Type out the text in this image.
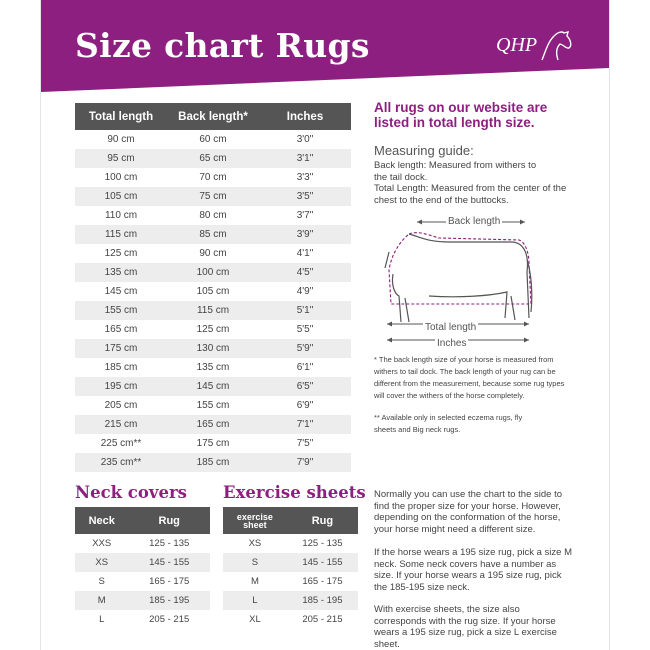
Size chart Rugs	QHP
Total length	Back length*	Inches
90 cm	60 cm	3'0"
95 cm	65 cm	3'1"
100 cm	70 cm	3'3"
105 cm	75 cm	3'5"
110 cm	80 cm	3'7"
115 cm	85 cm	3'9"
125 cm	90 cm	4'1"
135 cm	100 cm	4'5"
145 cm	105 cm	4'9"
155 cm	115 cm	5'1"
165 cm	125 cm	5'5"
175 cm	130 cm	5'9"
185 cm	135 cm	6'1"
195 cm	145 cm	6'5"
205 cm	155 cm	6'9"
215 cm	165 cm	7'1"
225 cm**	175 cm	7'5"
235 cm**	185 cm	7'9"
All rugs on our website are listed in total length size.
Measuring guide:
Back length: Measured from withers to the tail dock.
Total Length: Measured from the center of the chest to the end of the buttocks.
Back length
Total length
Inches
* The back length size of your horse is measured from withers to tail dock. The back length of your rug can be different from the measurement, because some rug types will cover the withers of the horse completely.
** Available only in selected eczema rugs, fly sheets and Big neck rugs.
Neck covers Exercise sheets
Neck	Rug
XXS	125 - 135
XS	145 - 155
S	165 - 175
M	185 - 195
L	205 - 215
exercise
sheet	Rug
XS	125 - 135
S	145 - 155
M	165 - 175
L	185 - 195
XL	205 - 215
Normally you can use the chart to the side to find the proper size for your horse. However, depending on the conformation of the horse, your horse might need a different size.
If the horse wears a 195 size rug, pick a size M neck. Some neck covers have a number as size. If your horse wears a 195 size rug, pick the 185-195 size neck.
With exercise sheets, the size also corresponds with the rug size. If your horse wears a 195 size rug, pick a size L exercise sheet.
